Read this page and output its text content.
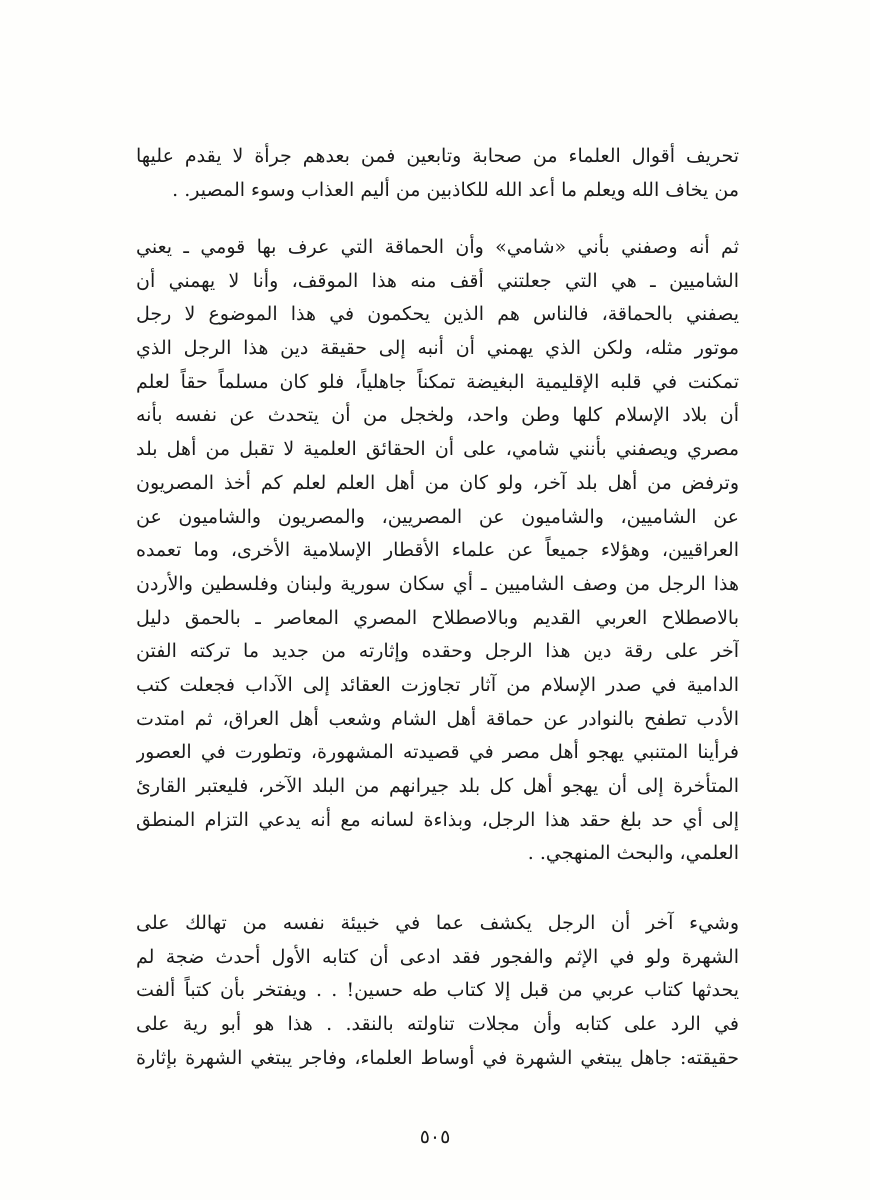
تحريف أقوال العلماء من صحابة وتابعين فمن بعدهم جرأة لا يقدم عليها
من يخاف الله ويعلم ما أعد الله للكاذبين من أليم العذاب وسوء المصير. .
ثم أنه وصفني بأني «شامي» وأن الحماقة التي عرف بها قومي ـ يعني
الشاميين ـ هي التي جعلتني أقف منه هذا الموقف، وأنا لا يهمني أن
يصفني بالحماقة، فالناس هم الذين يحكمون في هذا الموضوع لا رجل
موتور مثله، ولكن الذي يهمني أن أنبه إلى حقيقة دين هذا الرجل الذي
تمكنت في قلبه الإقليمية البغيضة تمكناً جاهلياً، فلو كان مسلماً حقاً لعلم
أن بلاد الإسلام كلها وطن واحد، ولخجل من أن يتحدث عن نفسه بأنه
مصري ويصفني بأنني شامي، على أن الحقائق العلمية لا تقبل من أهل بلد
وترفض من أهل بلد آخر، ولو كان من أهل العلم لعلم كم أخذ المصريون
عن الشاميين، والشاميون عن المصريين، والمصريون والشاميون عن
العراقيين، وهؤلاء جميعاً عن علماء الأقطار الإسلامية الأخرى، وما تعمده
هذا الرجل من وصف الشاميين ـ أي سكان سورية ولبنان وفلسطين والأردن
بالاصطلاح العربي القديم وبالاصطلاح المصري المعاصر ـ بالحمق دليل
آخر على رقة دين هذا الرجل وحقده وإثارته من جديد ما تركته الفتن
الدامية في صدر الإسلام من آثار تجاوزت العقائد إلى الآداب فجعلت كتب
الأدب تطفح بالنوادر عن حماقة أهل الشام وشعب أهل العراق، ثم امتدت
فرأينا المتنبي يهجو أهل مصر في قصيدته المشهورة، وتطورت في العصور
المتأخرة إلى أن يهجو أهل كل بلد جيرانهم من البلد الآخر، فليعتبر القارئ
إلى أي حد بلغ حقد هذا الرجل، وبذاءة لسانه مع أنه يدعي التزام المنطق
العلمي، والبحث المنهجي. .
وشيء آخر أن الرجل يكشف عما في خبيئة نفسه من تهالك على
الشهرة ولو في الإثم والفجور فقد ادعى أن كتابه الأول أحدث ضجة لم
يحدثها كتاب عربي من قبل إلا كتاب طه حسين! . . ويفتخر بأن كتباً ألفت
في الرد على كتابه وأن مجلات تناولته بالنقد. . هذا هو أبو رية على
حقيقته: جاهل يبتغي الشهرة في أوساط العلماء، وفاجر يبتغي الشهرة بإثارة
٥٠٥
